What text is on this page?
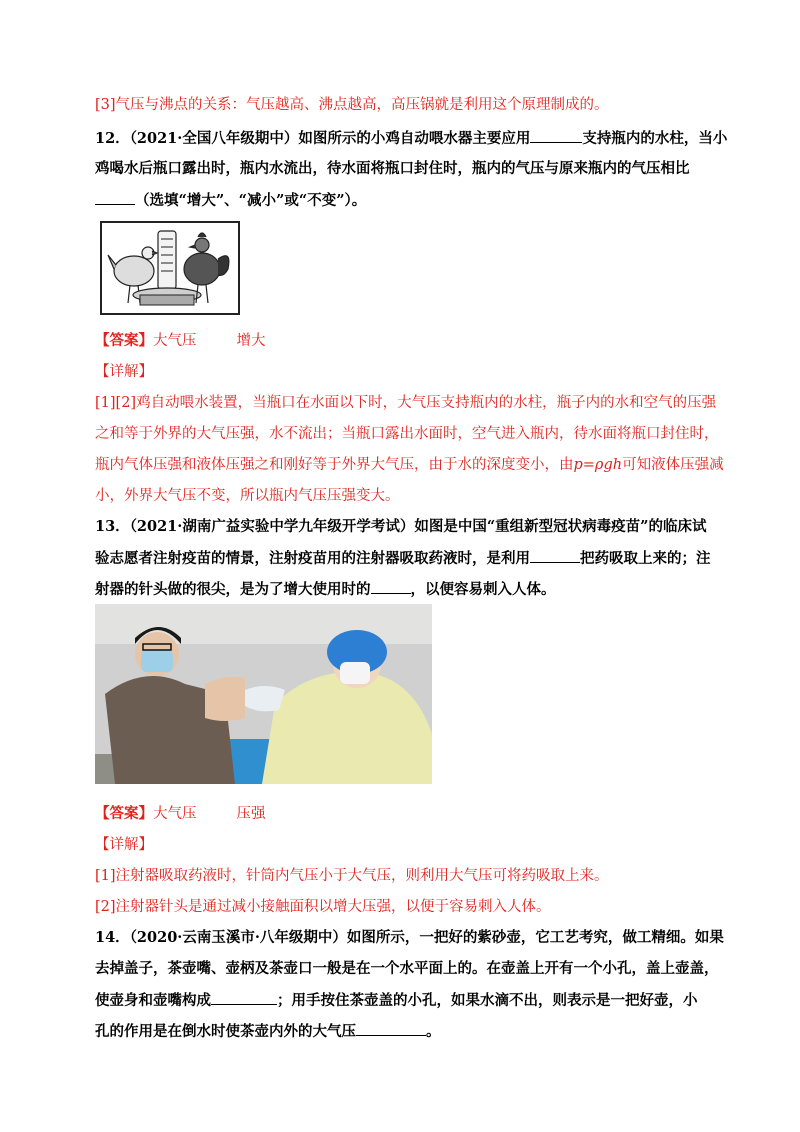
[3]气压与沸点的关系：气压越高、沸点越高，高压锅就是利用这个原理制成的。
12．（2021·全国八年级期中）如图所示的小鸡自动喂水器主要应用	支持瓶内的水柱，当小
鸡喝水后瓶口露出时，瓶内水流出，待水面将瓶口封住时，瓶内的气压与原来瓶内的气压相比
（选填“增大”、“减小”或“不变”）。
【答案】大气压	增大
【详解】
[1][2]鸡自动喂水装置，当瓶口在水面以下时，大气压支持瓶内的水柱，瓶子内的水和空气的压强
之和等于外界的大气压强，水不流出；当瓶口露出水面时，空气进入瓶内，待水面将瓶口封住时，
瓶内气体压强和液体压强之和刚好等于外界大气压，由于水的深度变小，由p=ρgh可知液体压强减
小，外界大气压不变，所以瓶内气压压强变大。
13．（2021·湖南广益实验中学九年级开学考试）如图是中国“重组新型冠状病毒疫苗”的临床试
验志愿者注射疫苗的情景，注射疫苗用的注射器吸取药液时，是利用	把药吸取上来的；注
射器的针头做的很尖，是为了增大使用时的	，以便容易刺入人体。
【答案】大气压	压强
【详解】
[1]注射器吸取药液时，针筒内气压小于大气压，则利用大气压可将药吸取上来。
[2]注射器针头是通过减小接触面积以增大压强，以便于容易刺入人体。
14．（2020·云南玉溪市·八年级期中）如图所示，一把好的紫砂壶，它工艺考究，做工精细。如果
去掉盖子，茶壶嘴、壶柄及茶壶口一般是在一个水平面上的。在壶盖上开有一个小孔，盖上壶盖，
使壶身和壶嘴构成	；用手按住茶壶盖的小孔，如果水滴不出，则表示是一把好壶，小
孔的作用是在倒水时使茶壶内外的大气压	。
